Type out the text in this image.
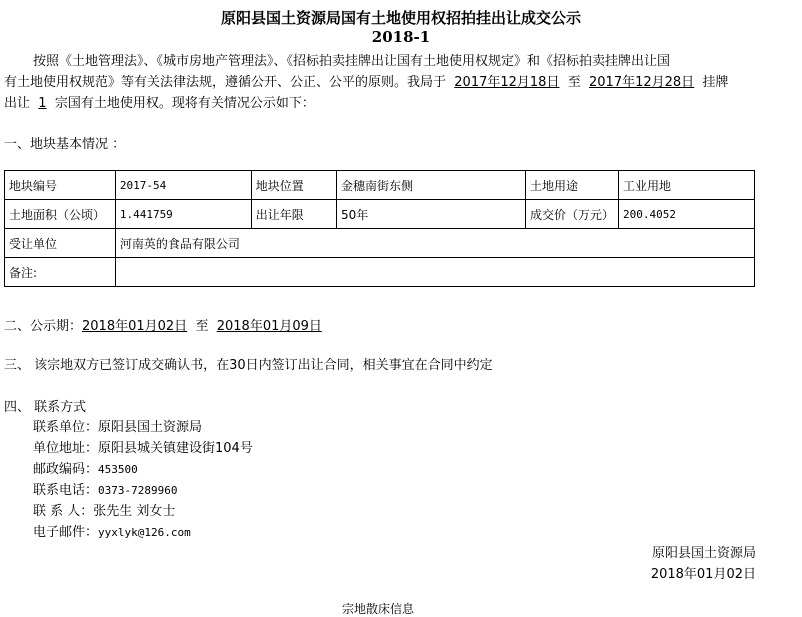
原阳县国土资源局国有土地使用权招拍挂出让成交公示
2018-1
按照《土地管理法》、《城市房地产管理法》、《招标拍卖挂牌出让国有土地使用权规定》和《招标拍卖挂牌出让国
有土地使用权规范》等有关法律法规，遵循公开、公正、公平的原则。我局于 2017年12月18日 至 2017年12月28日 挂牌
出让 1 宗国有土地使用权。现将有关情况公示如下：
一、地块基本情况 ：
地块编号	2017-54	地块位置	金穗南街东侧	土地用途	工业用地
土地面积（公顷）	1.441759	出让年限	50年	成交价（万元）	200.4052
受让单位	河南英的食品有限公司				
备注:					
二、公示期：2018年01月02日 至 2018年01月09日
三、 该宗地双方已签订成交确认书，在30日内签订出让合同，相关事宜在合同中约定
四、 联系方式
联系单位：原阳县国土资源局
单位地址：原阳县城关镇建设街104号
邮政编码：453500
联系电话：0373-7289960
联 系 人：张先生 刘女士
电子邮件：yyxlyk@126.com
原阳县国土资源局
2018年01月02日
宗地散床信息
